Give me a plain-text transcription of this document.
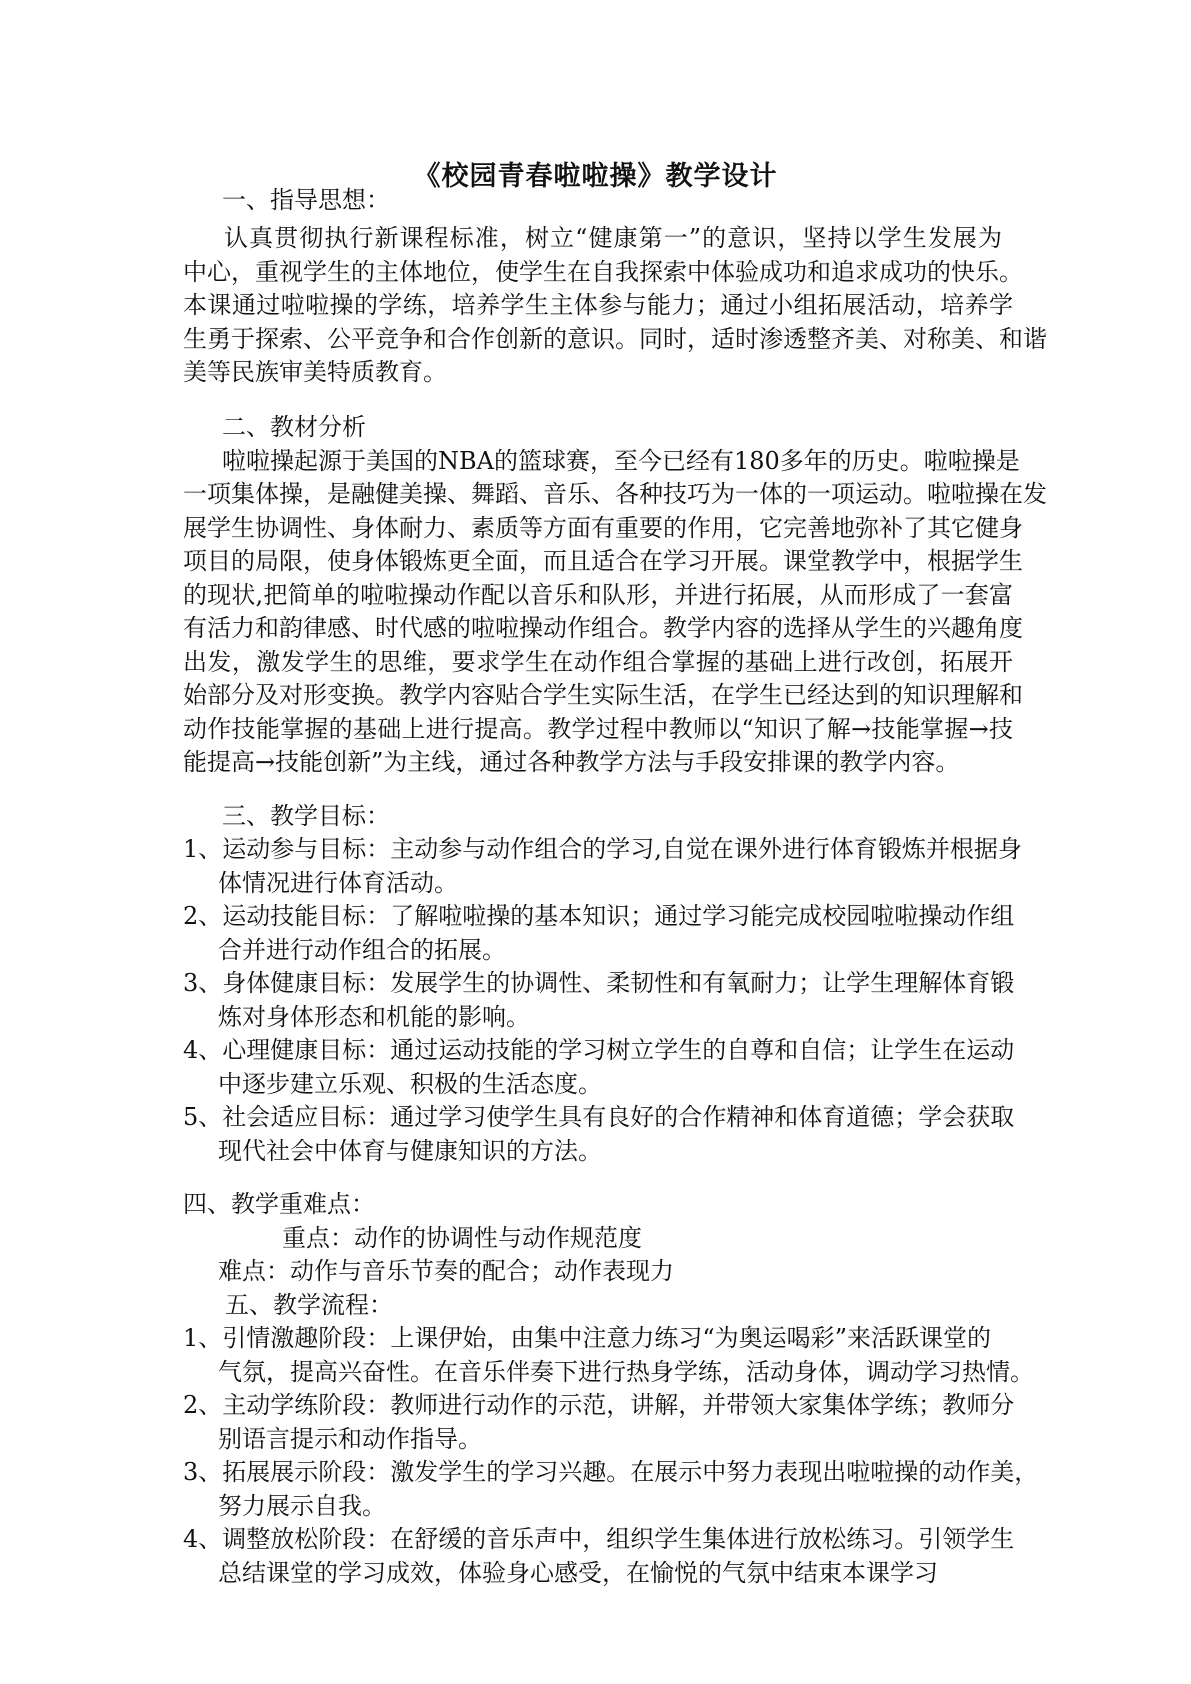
《校园青春啦啦操》教学设计
一、指导思想：
认真贯彻执行新课程标准，树立“健康第一”的意识，坚持以学生发展为
中心，重视学生的主体地位，使学生在自我探索中体验成功和追求成功的快乐。
本课通过啦啦操的学练，培养学生主体参与能力；通过小组拓展活动，培养学
生勇于探索、公平竞争和合作创新的意识。同时，适时渗透整齐美、对称美、和谐
美等民族审美特质教育。
二、教材分析
啦啦操起源于美国的NBA的篮球赛，至今已经有180多年的历史。啦啦操是
一项集体操，是融健美操、舞蹈、音乐、各种技巧为一体的一项运动。啦啦操在发
展学生协调性、身体耐力、素质等方面有重要的作用，它完善地弥补了其它健身
项目的局限，使身体锻炼更全面，而且适合在学习开展。课堂教学中，根据学生
的现状,把简单的啦啦操动作配以音乐和队形，并进行拓展，从而形成了一套富
有活力和韵律感、时代感的啦啦操动作组合。教学内容的选择从学生的兴趣角度
出发，激发学生的思维，要求学生在动作组合掌握的基础上进行改创，拓展开
始部分及对形变换。教学内容贴合学生实际生活，在学生已经达到的知识理解和
动作技能掌握的基础上进行提高。教学过程中教师以“知识了解→技能掌握→技
能提高→技能创新”为主线，通过各种教学方法与手段安排课的教学内容。
三、教学目标：
1、运动参与目标：主动参与动作组合的学习,自觉在课外进行体育锻炼并根据身
体情况进行体育活动。
2、运动技能目标：了解啦啦操的基本知识；通过学习能完成校园啦啦操动作组
合并进行动作组合的拓展。
3、身体健康目标：发展学生的协调性、柔韧性和有氧耐力；让学生理解体育锻
炼对身体形态和机能的影响。
4、心理健康目标：通过运动技能的学习树立学生的自尊和自信；让学生在运动
中逐步建立乐观、积极的生活态度。
5、社会适应目标：通过学习使学生具有良好的合作精神和体育道德；学会获取
现代社会中体育与健康知识的方法。
四、教学重难点：
重点：动作的协调性与动作规范度
难点：动作与音乐节奏的配合；动作表现力
五、教学流程：
1、引情激趣阶段：上课伊始，由集中注意力练习“为奥运喝彩”来活跃课堂的
气氛，提高兴奋性。在音乐伴奏下进行热身学练，活动身体，调动学习热情。
2、主动学练阶段：教师进行动作的示范，讲解，并带领大家集体学练；教师分
别语言提示和动作指导。
3、拓展展示阶段：激发学生的学习兴趣。在展示中努力表现出啦啦操的动作美，
努力展示自我。
4、调整放松阶段：在舒缓的音乐声中，组织学生集体进行放松练习。引领学生
总结课堂的学习成效，体验身心感受，在愉悦的气氛中结束本课学习
